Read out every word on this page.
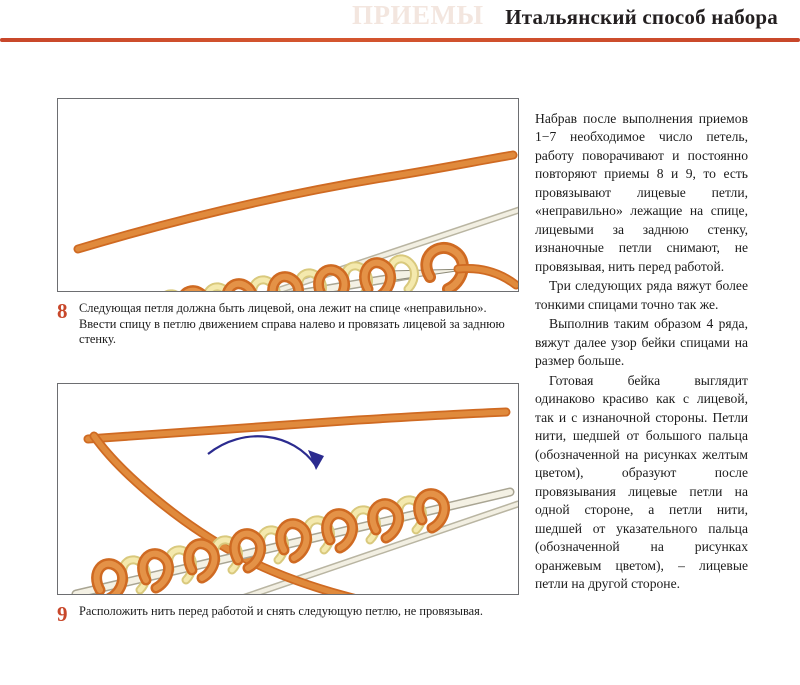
ПРИЕМЫ Итальянский способ набора
8 Следующая петля должна быть лицевой, она лежит на спице «неправильно». Ввести спицу в петлю движением справа налево и провязать лицевой за заднюю стенку.
9 Расположить нить перед работой и снять следующую петлю, не провязывая.

Набрав после выполнения приемов 1−7 необходимое число петель, работу поворачивают и постоянно повторяют приемы 8 и 9, то есть провязывают лицевые петли, «неправильно» лежащие на спице, лицевыми за заднюю стенку, изнаночные петли снимают, не провязывая, нить перед работой.

Три следующих ряда вяжут более тонкими спицами точно так же.

Выполнив таким образом 4 ряда, вяжут далее узор бейки спицами на размер больше.

Готовая бейка выглядит одинаково красиво как с лицевой, так и с изнаночной стороны. Петли нити, шедшей от большого пальца (обозначенной на рисунках желтым цветом), образуют после провязывания лицевые петли на одной стороне, а петли нити, шедшей от указательного пальца (обозначенной на рисунках оранжевым цветом), ‒ лицевые петли на другой стороне.
